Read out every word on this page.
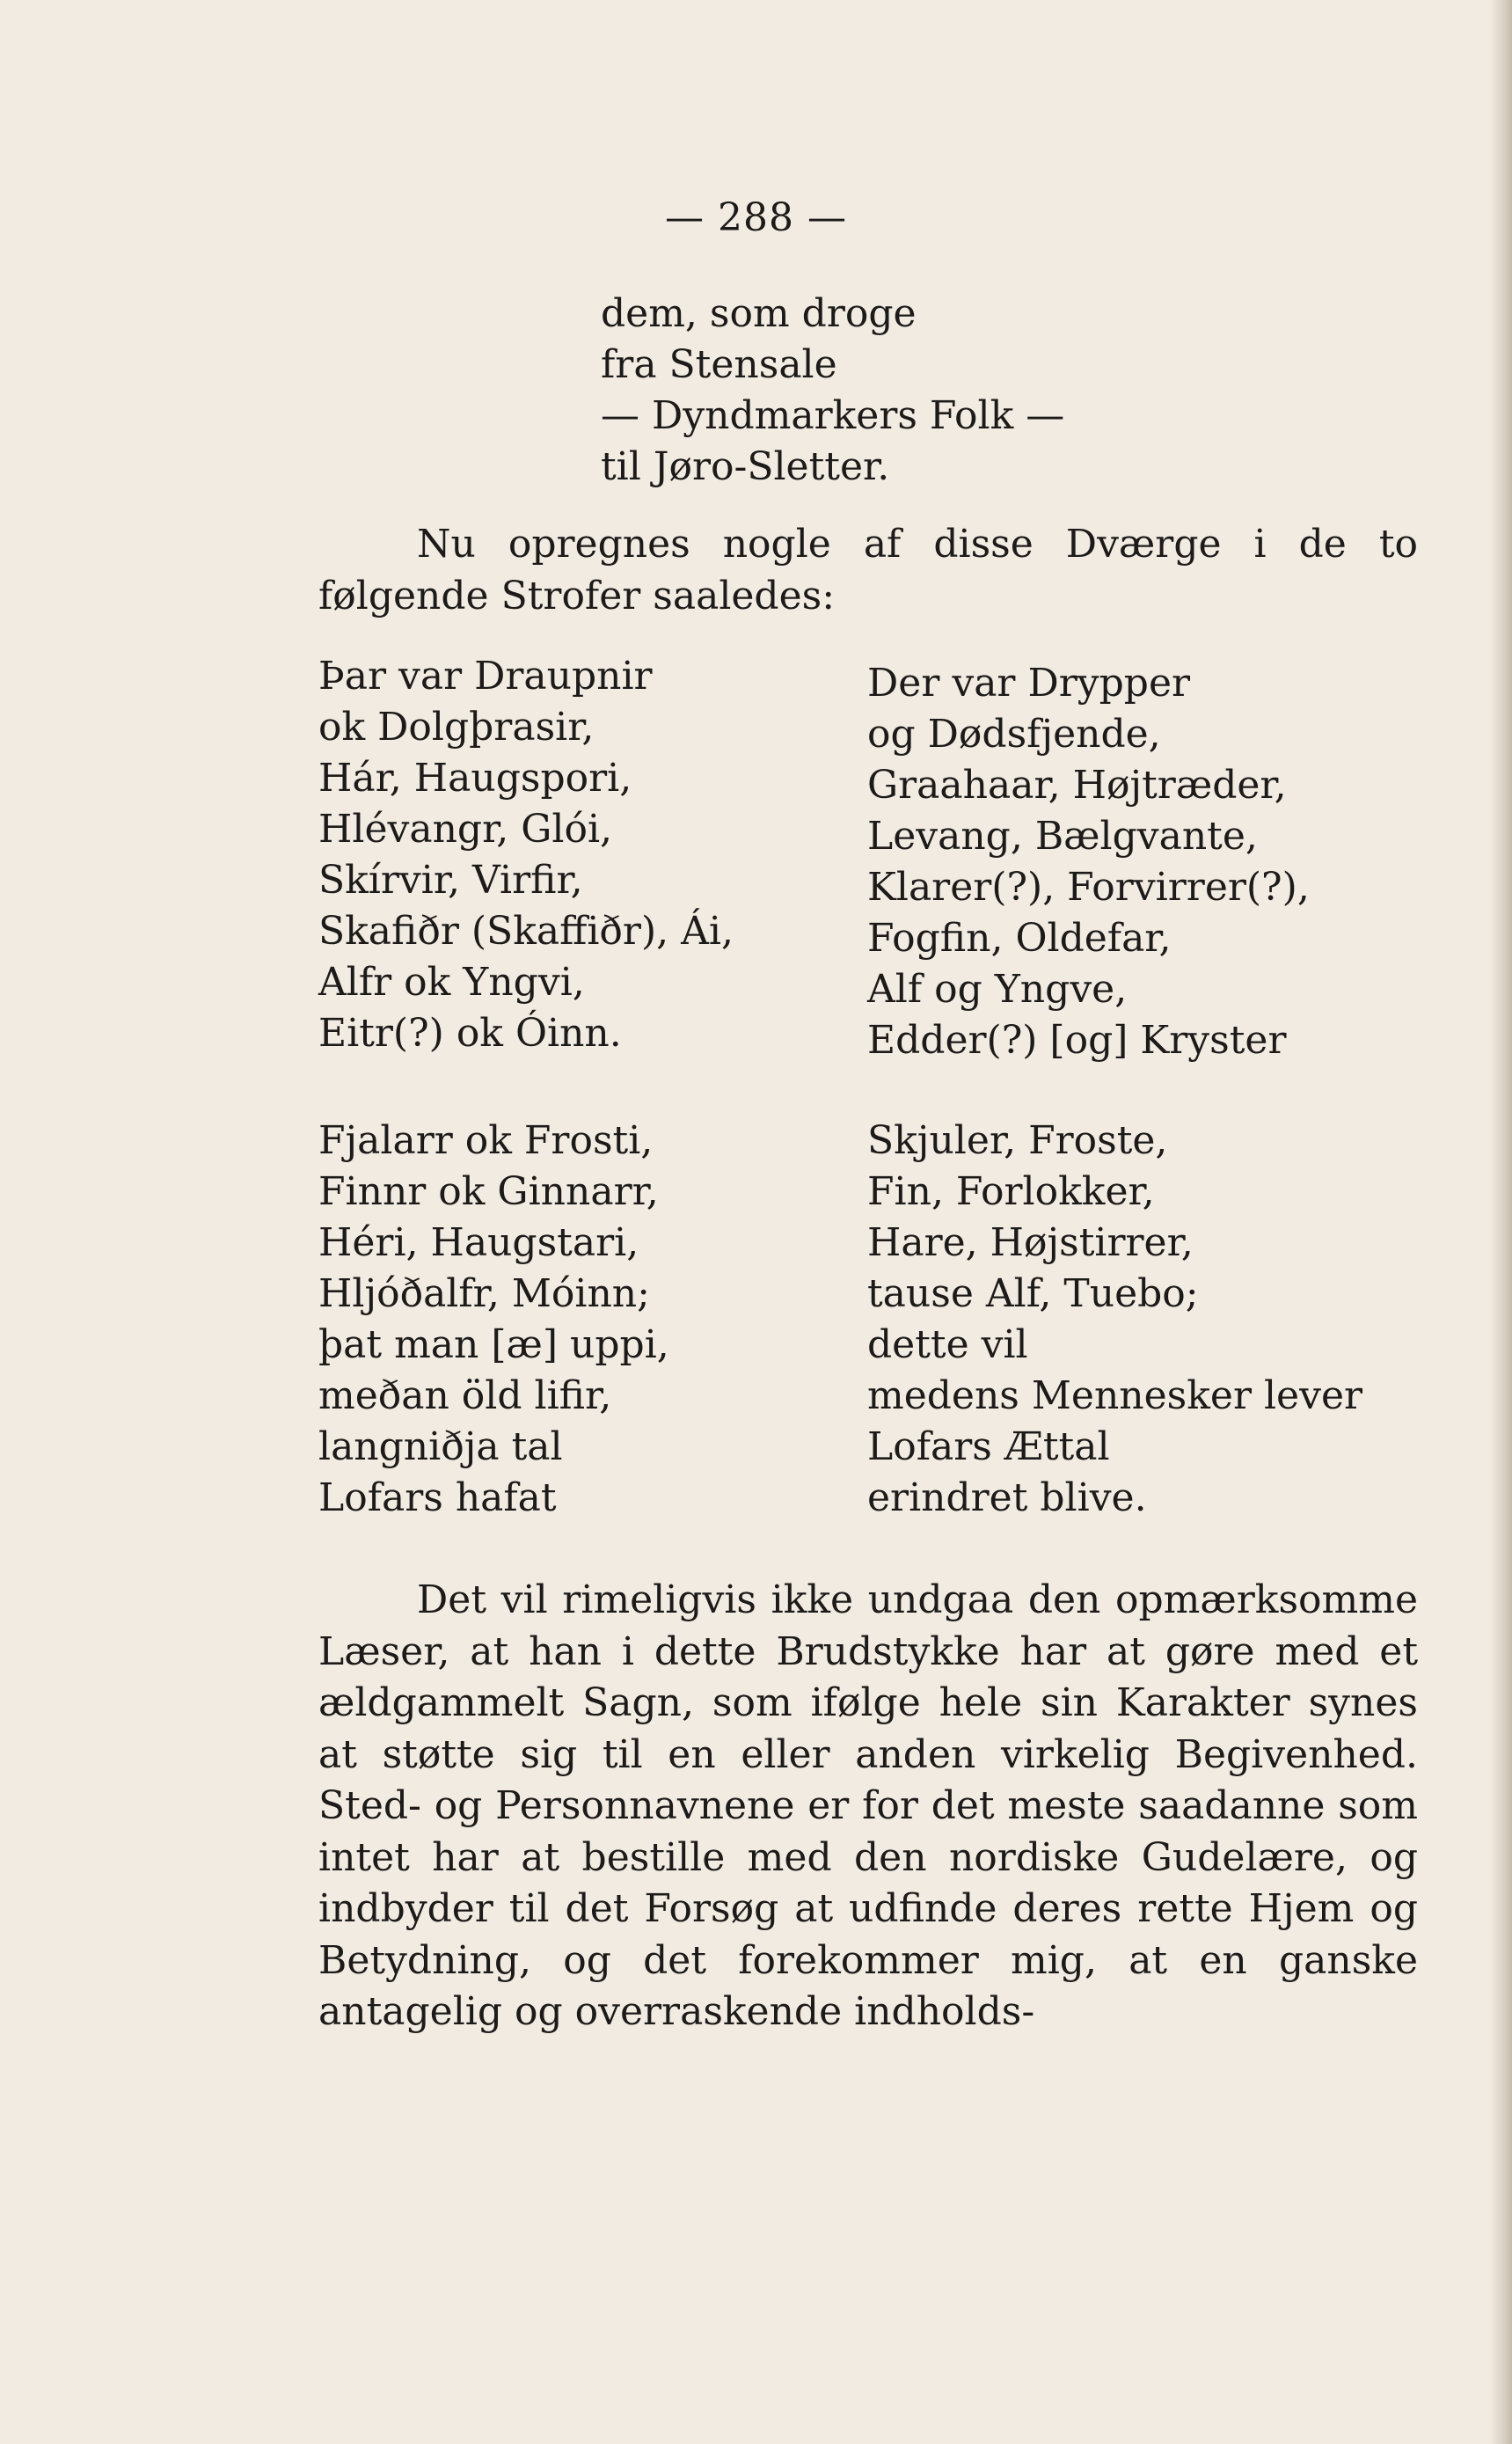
— 288 —
dem, som droge
fra Stensale
— Dyndmarkers Folk —
til Jøro-Sletter.

Nu opregnes nogle af disse Dværge i de to følgende Strofer saaledes:

Þar var Draupnir
ok Dolgþrasir,
Hár, Haugspori,
Hlévangr, Glói,
Skírvir, Virfir,
Skafiðr (Skaffiðr), Ái,
Alfr ok Yngvi,
Eitr(?) ok Óinn.
Der var Drypper
og Dødsfjende,
Graahaar, Højtræder,
Levang, Bælgvante,
Klarer(?), Forvirrer(?),
Fogfin, Oldefar,
Alf og Yngve,
Edder(?) [og] Kryster
Fjalarr ok Frosti,
Finnr ok Ginnarr,
Héri, Haugstari,
Hljóðalfr, Móinn;
þat man [æ] uppi,
meðan öld lifir,
langniðja tal
Lofars hafat
Skjuler, Froste,
Fin, Forlokker,
Hare, Højstirrer,
tause Alf, Tuebo;
dette vil
medens Mennesker lever
Lofars Ættal
erindret blive.

Det vil rimeligvis ikke undgaa den opmærksomme Læser, at han i dette Brudstykke har at gøre med et ældgammelt Sagn, som ifølge hele sin Karakter synes at støtte sig til en eller anden virkelig Begivenhed. Sted- og Personnavnene er for det meste saadanne som intet har at bestille med den nordiske Gudelære, og indbyder til det Forsøg at udfinde deres rette Hjem og Betydning, og det forekommer mig, at en ganske antagelig og overraskende indholds-
